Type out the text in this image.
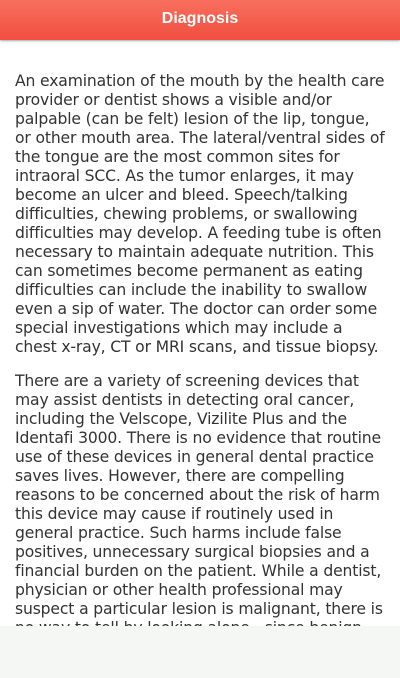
Diagnosis

An examination of the mouth by the health care provider or dentist shows a visible and/or palpable (can be felt) lesion of the lip, tongue, or other mouth area. The lateral/ventral sides of the tongue are the most common sites for intraoral SCC. As the tumor enlarges, it may become an ulcer and bleed. Speech/talking difficulties, chewing problems, or swallowing difficulties may develop. A feeding tube is often necessary to maintain adequate nutrition. This can sometimes become permanent as eating difficulties can include the inability to swallow even a sip of water. The doctor can order some special investigations which may include a chest x-ray, CT or MRI scans, and tissue biopsy.

There are a variety of screening devices that may assist dentists in detecting oral cancer, including the Velscope, Vizilite Plus and the Identafi 3000. There is no evidence that routine use of these devices in general dental practice saves lives. However, there are compelling reasons to be concerned about the risk of harm this device may cause if routinely used in general practice. Such harms include false positives, unnecessary surgical biopsies and a financial burden on the patient. While a dentist, physician or other health professional may suspect a particular lesion is malignant, there is
